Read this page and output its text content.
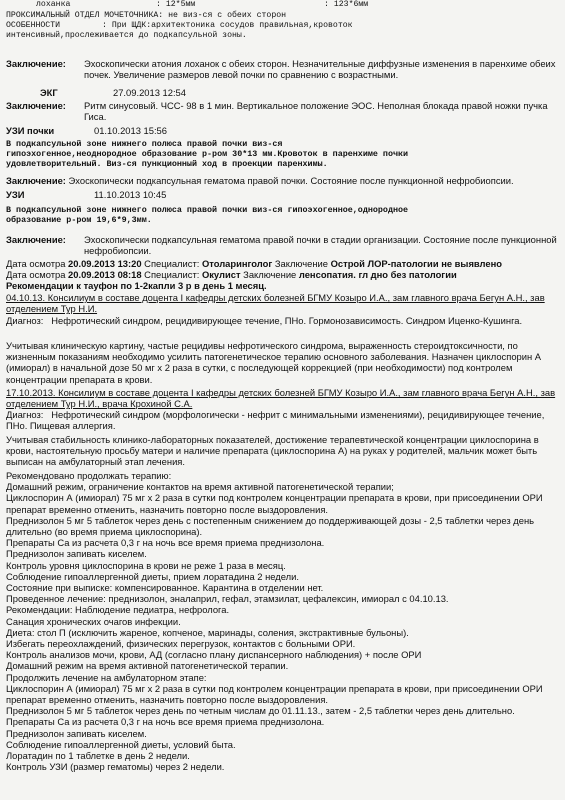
лоханка	: 12*5мм	: 123*6мм
ПРОКСИМАЛЬНЫЙ ОТДЕЛ МОЧЕТОЧНИКА: не виз-ся с обеих сторон
ОСОБЕННОСТИ	: При ЩДК:архитектоника сосудов правильная,кровоток
интенсивный,прослеживается до подкапсульной зоны.
Заключение:	Эхоскопически атония лоханок с обеих сторон. Незначительные диффузные изменения в паренхиме обеих почек. Увеличение размеров левой почки по сравнению с возрастными.
ЭКГ	27.09.2013 12:54
Заключение:	Ритм синусовый. ЧСС- 98 в 1 мин. Вертикальное положение ЭОС. Неполная блокада правой ножки пучка Гиса.
УЗИ почки	01.10.2013 15:56
В подкапсульной зоне нижнего полюса правой почки виз-ся
гипоэхогенное,неоднородное образование р-ром 30*13 мм.Кровоток в паренхиме почки
удовлетворительный. Виз-ся пункционный ход в проекции паренхимы.
Заключение: Эхоскопически подкапсульная гематома правой почки. Состояние после пункционной нефробиопсии.
УЗИ	11.10.2013 10:45
В подкапсульной зоне нижнего полюса правой почки виз-ся гипоэхогенное,однородное
образование р-ром 19,6*9,3мм.
Заключение:	Эхоскопически подкапсульная гематома правой почки в стадии организации. Состояние после пункционной нефробиопсии.
Дата осмотра 20.09.2013 13:20 Специалист: Отоларинголог Заключение Острой ЛОР-патологии не выявлено
Дата осмотра 20.09.2013 08:18 Специалист: Окулист Заключение ленсопатия. гл дно без патологии
Рекомендации к тауфон по 1-2капли 3 р в день 1 месяц.
04.10.13. Консилиум в составе доцента I кафедры детских болезней БГМУ Козыро И.А., зам главного врача Бегун А.Н., зав отделением Тур Н.И.
Диагноз: Нефротический синдром, рецидивирующее течение, ПНо. Гормонозависимость. Синдром Иценко-Кушинга.
Учитывая клиническую картину, частые рецидивы нефротического синдрома, выраженность стероидтоксичности, по жизненным показаниям необходимо усилить патогенетическое терапию основного заболевания. Назначен циклоспорин А (имиорал) в начальной дозе 50 мг х 2 раза в сутки, с последующей коррекцией (при необходимости) под контролем концентрации препарата в крови.
17.10.2013. Консилиум в составе доцента I кафедры детских болезней БГМУ Козыро И.А., зам главного врача Бегун А.Н., зав отделением Тур Н.И., врача Крохиной С.А.
Диагноз: Нефротический синдром (морфологически - нефрит с минимальными изменениями), рецидивирующее течение, ПНо. Пищевая аллергия.
Учитывая стабильность клинико-лабораторных показателей, достижение терапевтической концентрации циклоспорина в крови, настоятельную просьбу матери и наличие препарата (циклоспорина А) на руках у родителей, мальчик может быть выписан на амбулаторный этап лечения.
Рекомендовано продолжать терапию:
Домашний режим, ограничение контактов на время активной патогенетической терапии;
Циклоспорин А (имиорал) 75 мг х 2 раза в сутки под контролем концентрации препарата в крови, при присоединении ОРИ препарат временно отменить, назначить повторно после выздоровления.
Преднизолон 5 мг 5 таблеток через день с постепенным снижением до поддерживающей дозы - 2,5 таблетки через день длительно (во время приема циклоспорина).
Препараты Са из расчета 0,3 г на ночь все время приема преднизолона.
Преднизолон запивать киселем.
Контроль уровня циклоспорина в крови не реже 1 раза в месяц.
Соблюдение гипоаллергенной диеты, прием лоратадина 2 недели.
Состояние при выписке: компенсированное. Карантина в отделении нет.
Проведенное лечение: преднизолон, эналаприл, гефал, этамзилат, цефалексин, имиорал с 04.10.13.
Рекомендации: Наблюдение педиатра, нефролога.
Санация хронических очагов инфекции.
Диета: стол П (исключить жареное, копченое, маринады, соления, экстрактивные бульоны).
Избегать переохлаждений, физических перегрузок, контактов с больными ОРИ.
Контроль анализов мочи, крови, АД (согласно плану диспансерного наблюдения) + после ОРИ
Домашний режим на время активной патогенетической терапии.
Продолжить лечение на амбулаторном этапе:
Циклоспорин А (имиорал) 75 мг х 2 раза в сутки под контролем концентрации препарата в крови, при присоединении ОРИ препарат временно отменить, назначить повторно после выздоровления.
Преднизолон 5 мг 5 таблеток через день по четным числам до 01.11.13., затем - 2,5 таблетки через день длительно.
Препараты Са из расчета 0,3 г на ночь все время приема преднизолона.
Преднизолон запивать киселем.
Соблюдение гипоаллергенной диеты, условий быта.
Лоратадин по 1 таблетке в день 2 недели.
Контроль УЗИ (размер гематомы) через 2 недели.
